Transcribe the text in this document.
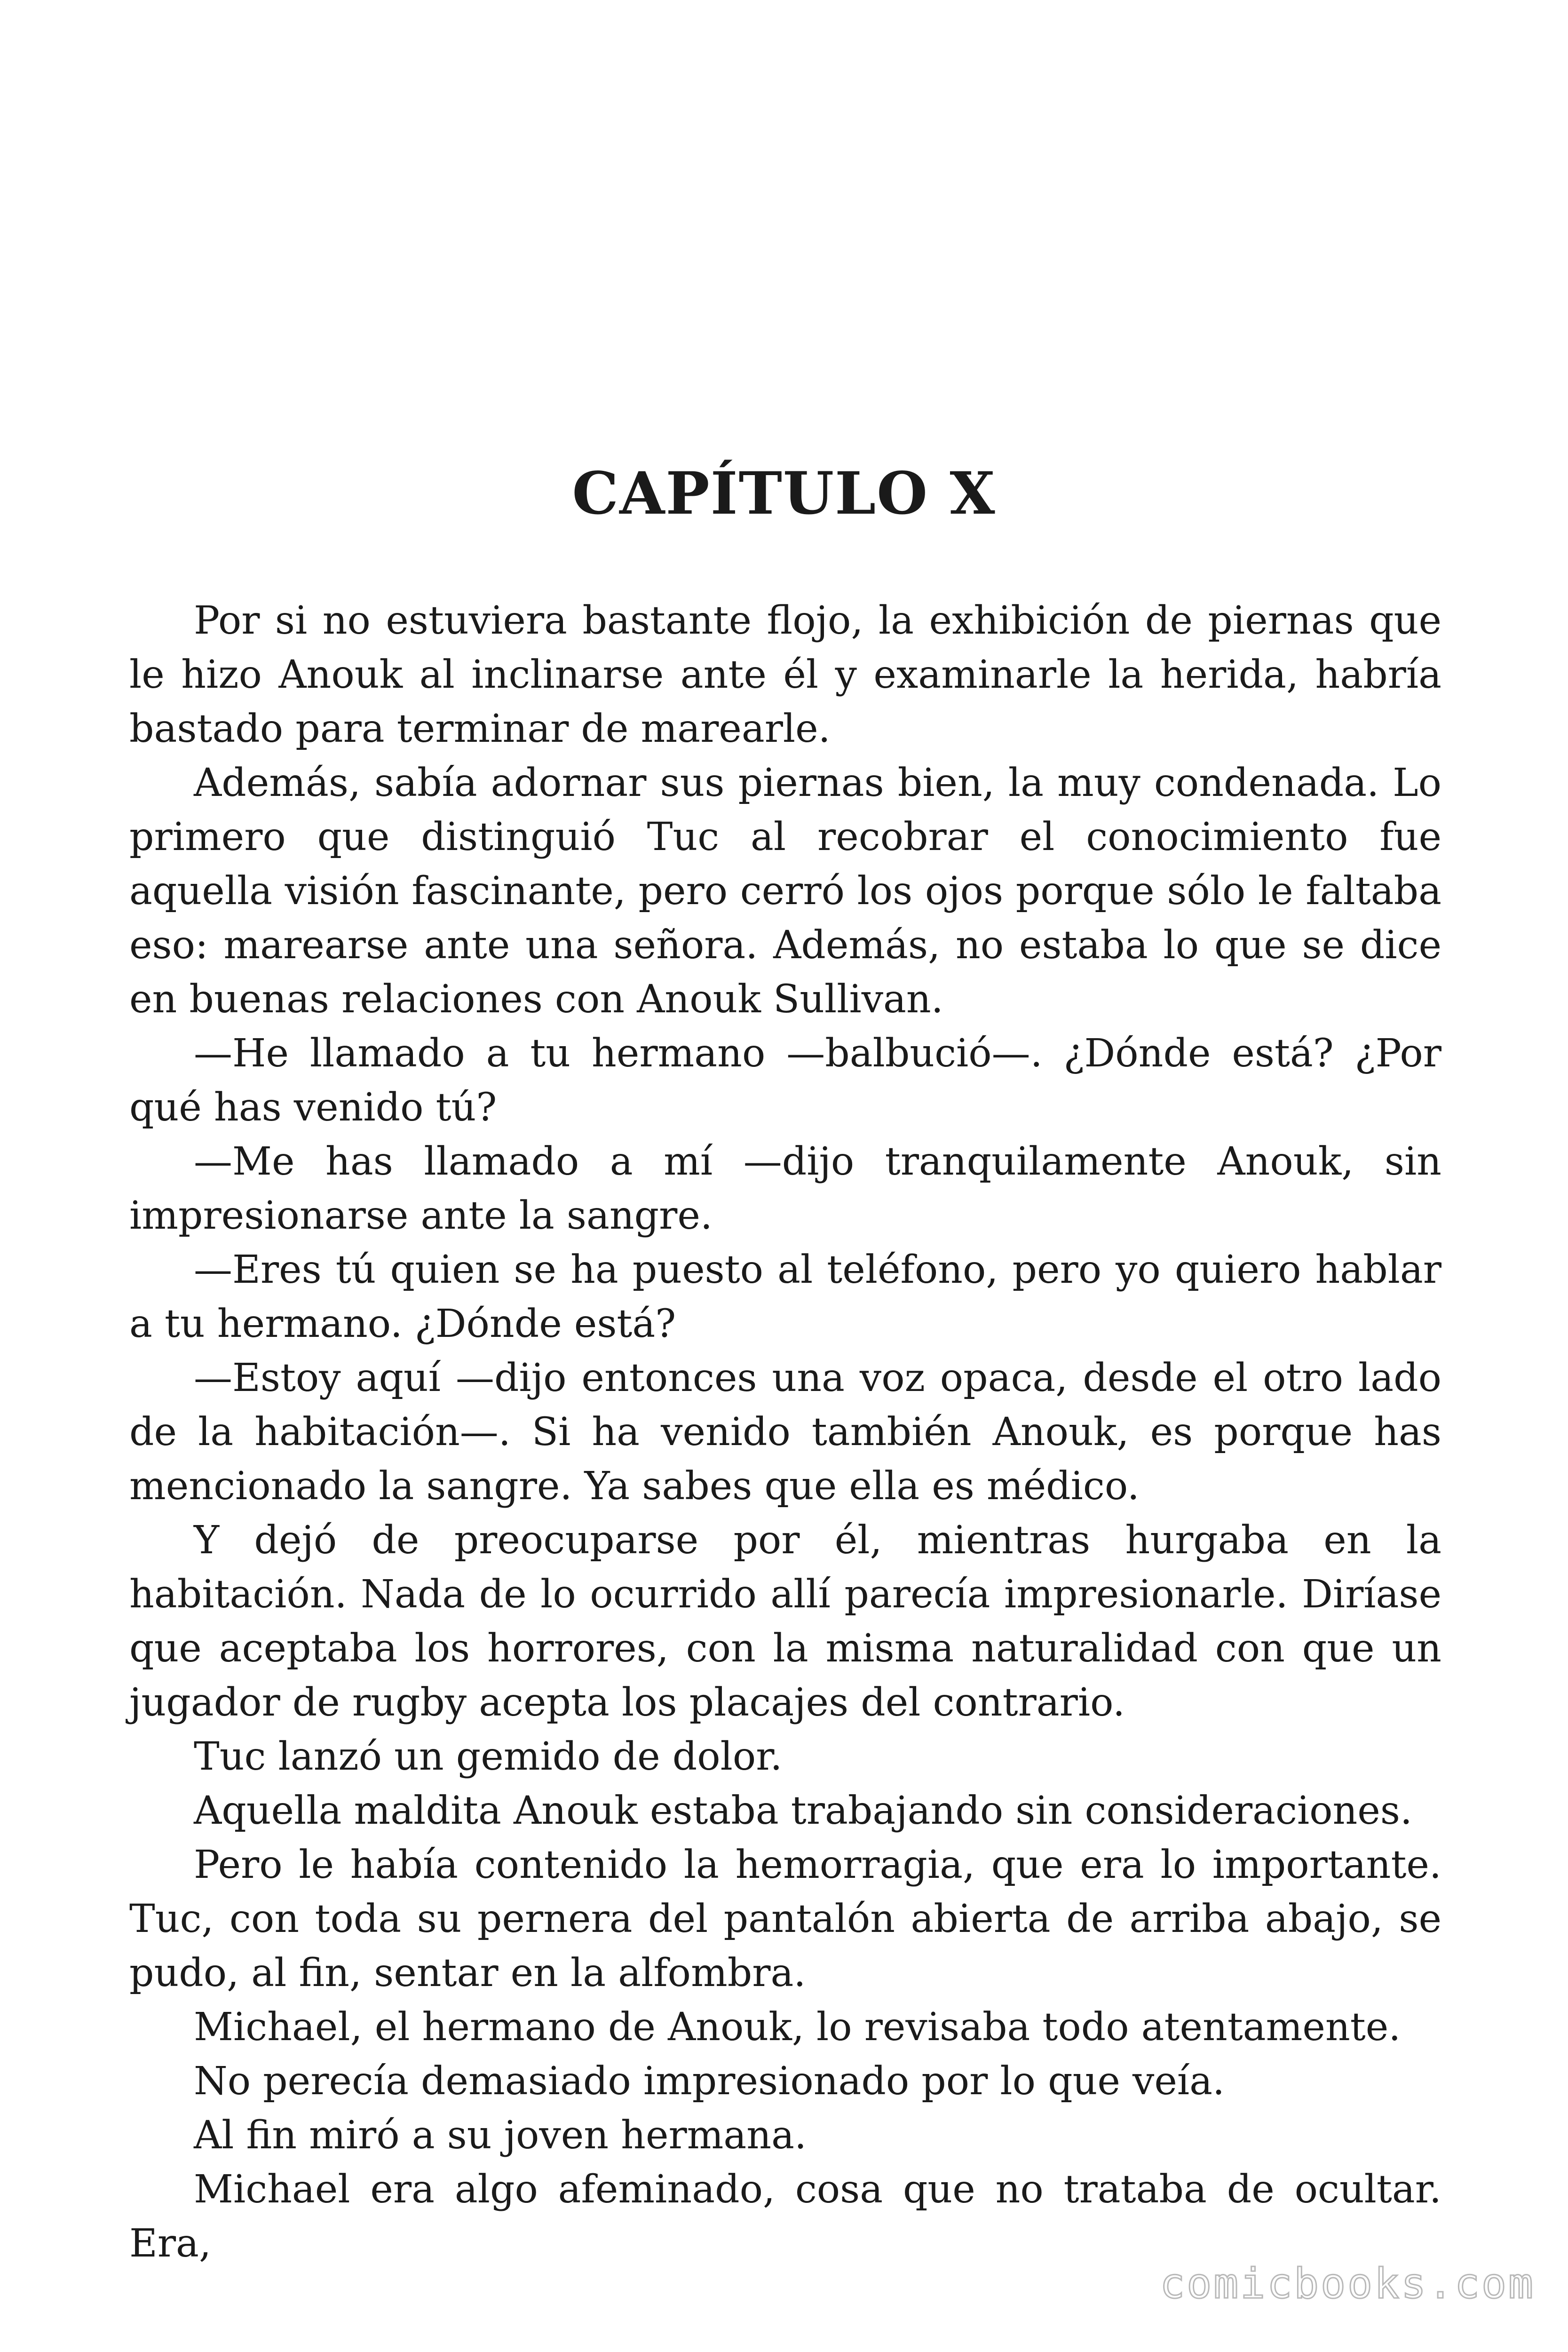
CAPÍTULO X

Por si no estuviera bastante flojo, la exhibición de piernas que le hizo Anouk al inclinarse ante él y examinarle la herida, habría bastado para terminar de marearle.

Además, sabía adornar sus piernas bien, la muy condenada. Lo primero que distinguió Tuc al recobrar el conocimiento fue aquella visión fascinante, pero cerró los ojos porque sólo le faltaba eso: marearse ante una señora. Además, no estaba lo que se dice en buenas relaciones con Anouk Sullivan.

—He llamado a tu hermano —balbució—. ¿Dónde está? ¿Por qué has venido tú?

—Me has llamado a mí —dijo tranquilamente Anouk, sin impresionarse ante la sangre.

—Eres tú quien se ha puesto al teléfono, pero yo quiero hablar a tu hermano. ¿Dónde está?

—Estoy aquí —dijo entonces una voz opaca, desde el otro lado de la habitación—. Si ha venido también Anouk, es porque has mencionado la sangre. Ya sabes que ella es médico.

Y dejó de preocuparse por él, mientras hurgaba en la habitación. Nada de lo ocurrido allí parecía impresionarle. Diríase que aceptaba los horrores, con la misma naturalidad con que un jugador de rugby acepta los placajes del contrario.

Tuc lanzó un gemido de dolor.

Aquella maldita Anouk estaba trabajando sin consideraciones.

Pero le había contenido la hemorragia, que era lo importante. Tuc, con toda su pernera del pantalón abierta de arriba abajo, se pudo, al fin, sentar en la alfombra.

Michael, el hermano de Anouk, lo revisaba todo atentamente.

No perecía demasiado impresionado por lo que veía.

Al fin miró a su joven hermana.

Michael era algo afeminado, cosa que no trataba de ocultar. Era,

comicbooks.com
